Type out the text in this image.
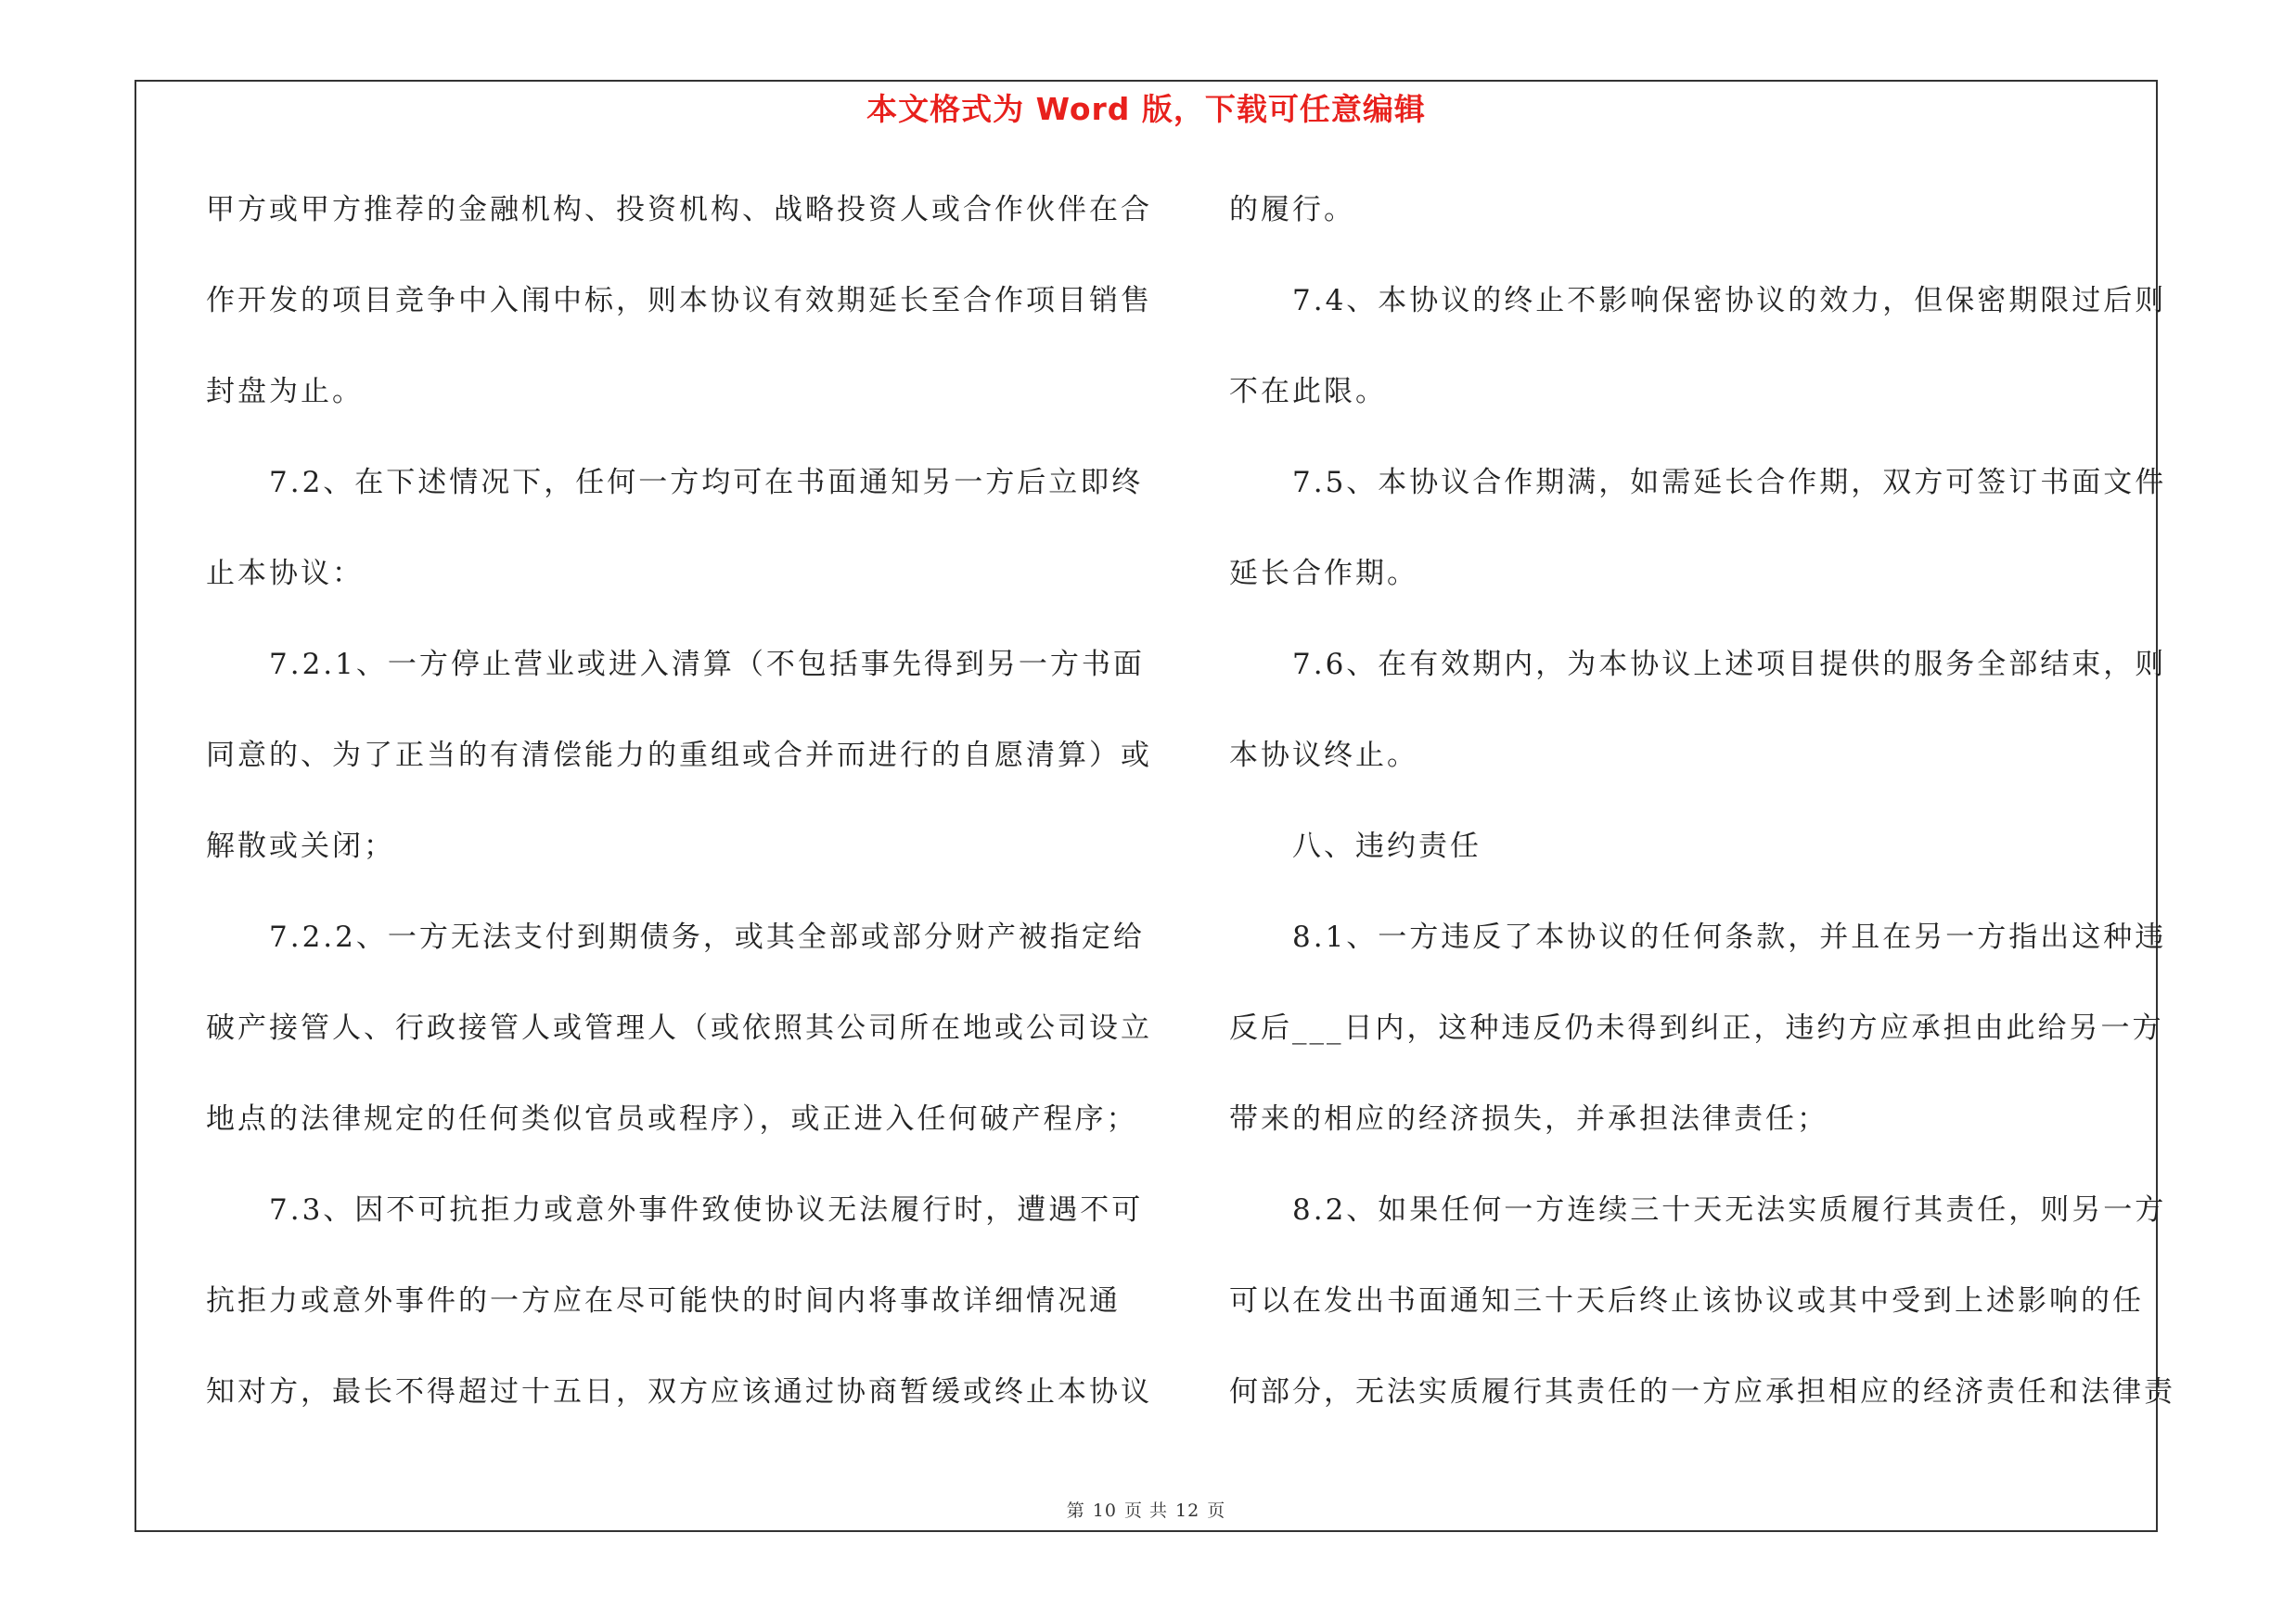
本文格式为 Word 版，下载可任意编辑
甲方或甲方推荐的金融机构、投资机构、战略投资人或合作伙伴在合
作开发的项目竞争中入闱中标，则本协议有效期延长至合作项目销售
封盘为止。
　　7.2、在下述情况下，任何一方均可在书面通知另一方后立即终
止本协议：
　　7.2.1、一方停止营业或进入清算（不包括事先得到另一方书面
同意的、为了正当的有清偿能力的重组或合并而进行的自愿清算）或
解散或关闭；
　　7.2.2、一方无法支付到期债务，或其全部或部分财产被指定给
破产接管人、行政接管人或管理人（或依照其公司所在地或公司设立
地点的法律规定的任何类似官员或程序），或正进入任何破产程序；
　　7.3、因不可抗拒力或意外事件致使协议无法履行时，遭遇不可
抗拒力或意外事件的一方应在尽可能快的时间内将事故详细情况通
知对方，最长不得超过十五日，双方应该通过协商暂缓或终止本协议
的履行。
　　7.4、本协议的终止不影响保密协议的效力，但保密期限过后则
不在此限。
　　7.5、本协议合作期满，如需延长合作期，双方可签订书面文件
延长合作期。
　　7.6、在有效期内，为本协议上述项目提供的服务全部结束，则
本协议终止。
　　八、违约责任
　　8.1、一方违反了本协议的任何条款，并且在另一方指出这种违
反后___日内，这种违反仍未得到纠正，违约方应承担由此给另一方
带来的相应的经济损失，并承担法律责任；
　　8.2、如果任何一方连续三十天无法实质履行其责任，则另一方
可以在发出书面通知三十天后终止该协议或其中受到上述影响的任
何部分，无法实质履行其责任的一方应承担相应的经济责任和法律责
第 10 页 共 12 页
